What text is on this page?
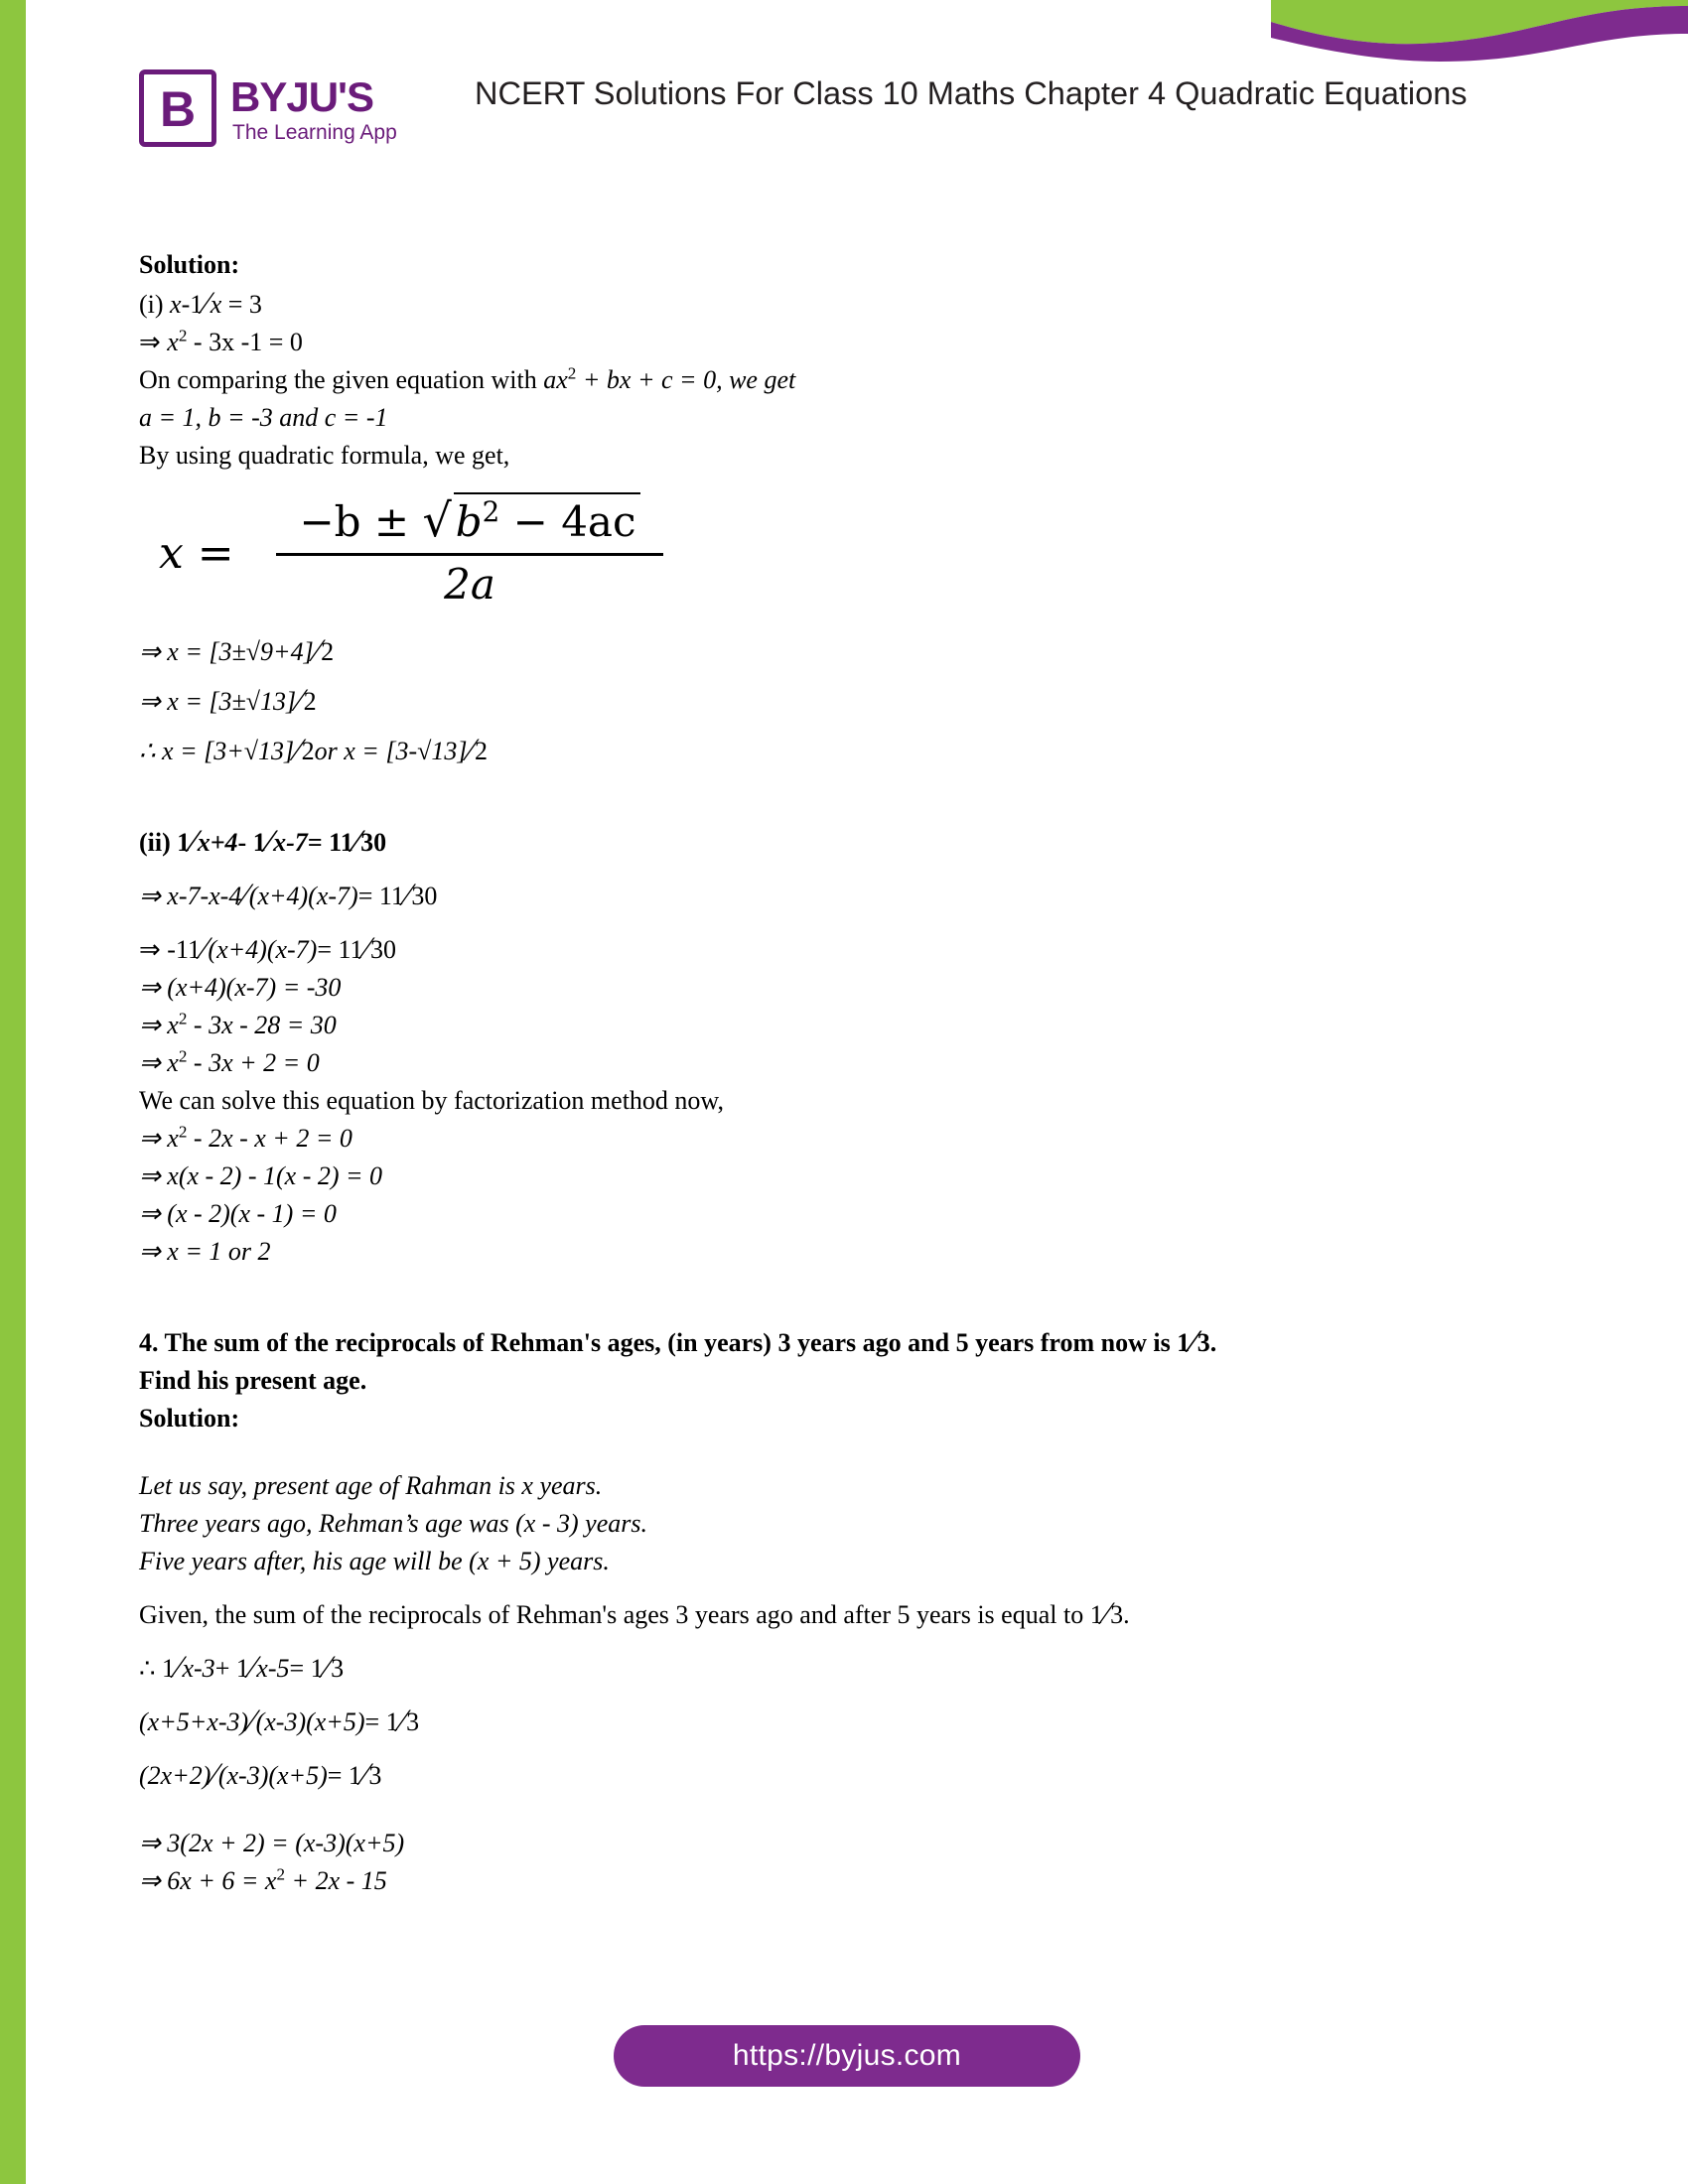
B BYJU'S
The Learning App
NCERT Solutions For Class 10 Maths Chapter 4 Quadratic Equations
Solution:
(i) x-1⁄x = 3
⇒ $x^2 - 3x$ -1 = 0
On comparing the given equation with $ax^2$ + bx + c = 0, we get
a = 1, b = -3 and c = -1
By using quadratic formula, we get,
x =
$-b \pm √b^2 - 4ac$
2a
⇒ x = [3±√9+4]⁄2
⇒ x = [3±√13]⁄2
∴ x = [3+√13]⁄2or x = [3-√13]⁄2
(ii) 1⁄x+4- 1⁄x-7= 11⁄30
⇒ x-7-x-4⁄(x+4)(x-7)= 11⁄30
⇒ -11⁄(x+4)(x-7)= 11⁄30
⇒ (x+4)(x-7) = -30
⇒ $x^2 - 3x - 28 = 30$
⇒ $x^2 - 3x + 2 = 0$
We can solve this equation by factorization method now,
⇒ $x^2 - 2x - x + 2 = 0$
⇒ x(x - 2) - 1(x - 2) = 0
⇒ (x - 2)(x - 1) = 0
⇒ x = 1 or 2
4. The sum of the reciprocals of Rehman's ages, (in years) 3 years ago and 5 years from now is 1⁄3.
Find his present age.
Solution:
Let us say, present age of Rahman is x years.
Three years ago, Rehman’s age was (x - 3) years.
Five years after, his age will be (x + 5) years.
Given, the sum of the reciprocals of Rehman's ages 3 years ago and after 5 years is equal to 1⁄3.
∴ 1⁄x-3+ 1⁄x-5= 1⁄3
(x+5+x-3)⁄(x-3)(x+5)= 1⁄3
(2x+2)⁄(x-3)(x+5)= 1⁄3
⇒ 3(2x + 2) = (x-3)(x+5)
⇒ $6x + 6 = x^2 + 2x - 15$
https://byjus.com
